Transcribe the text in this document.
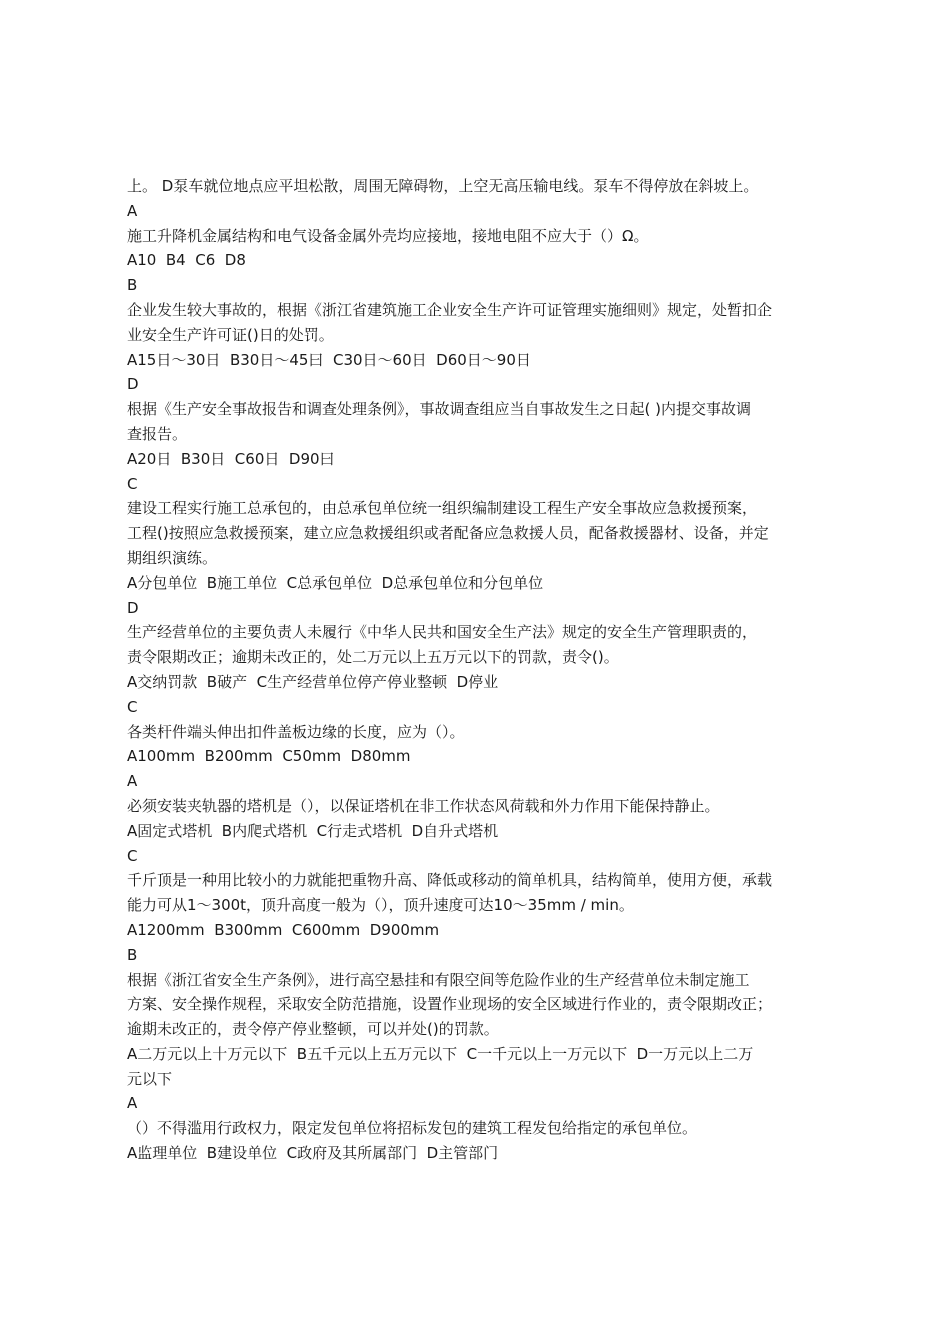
上。 D泵车就位地点应平坦松散，周围无障碍物，上空无高压输电线。泵车不得停放在斜坡上。
A
施工升降机金属结构和电气设备金属外壳均应接地，接地电阻不应大于（）Ω。
A10  B4  C6  D8
B
企业发生较大事故的，根据《浙江省建筑施工企业安全生产许可证管理实施细则》规定，处暂扣企
业安全生产许可证()日的处罚。
A15日～30日  B30日～45曰  C30日～60日  D60日～90日
D
根据《生产安全事故报告和调查处理条例》，事故调查组应当自事故发生之日起( )内提交事故调
查报告。
A20日  B30日  C60日  D90曰
C
建设工程实行施工总承包的，由总承包单位统一组织编制建设工程生产安全事故应急救援预案，
工程()按照应急救援预案，建立应急救援组织或者配备应急救援人员，配备救援器材、设备，并定
期组织演练。
A分包单位  B施工单位  C总承包单位  D总承包单位和分包单位
D
生产经营单位的主要负责人未履行《中华人民共和国安全生产法》规定的安全生产管理职责的，
责令限期改正；逾期未改正的，处二万元以上五万元以下的罚款，责令()。
A交纳罚款  B破产  C生产经营单位停产停业整顿  D停业
C
各类杆件端头伸出扣件盖板边缘的长度，应为（）。
A100mm  B200mm  C50mm  D80mm
A
必须安装夹轨器的塔机是（），以保证塔机在非工作状态风荷载和外力作用下能保持静止。
A固定式塔机  B内爬式塔机  C行走式塔机  D自升式塔机
C
千斤顶是一种用比较小的力就能把重物升高、降低或移动的简单机具，结构简单，使用方便，承载
能力可从1～300t，顶升高度一般为（），顶升速度可达10～35mm / min。
A1200mm  B300mm  C600mm  D900mm
B
根据《浙江省安全生产条例》，进行高空悬挂和有限空间等危险作业的生产经营单位未制定施工
方案、安全操作规程，采取安全防范措施，设置作业现场的安全区域进行作业的，责令限期改正；
逾期未改正的，责令停产停业整顿，可以并处()的罚款。
A二万元以上十万元以下  B五千元以上五万元以下  C一千元以上一万元以下  D一万元以上二万
元以下
A
（）不得滥用行政权力，限定发包单位将招标发包的建筑工程发包给指定的承包单位。
A监理单位  B建设单位  C政府及其所属部门  D主管部门
